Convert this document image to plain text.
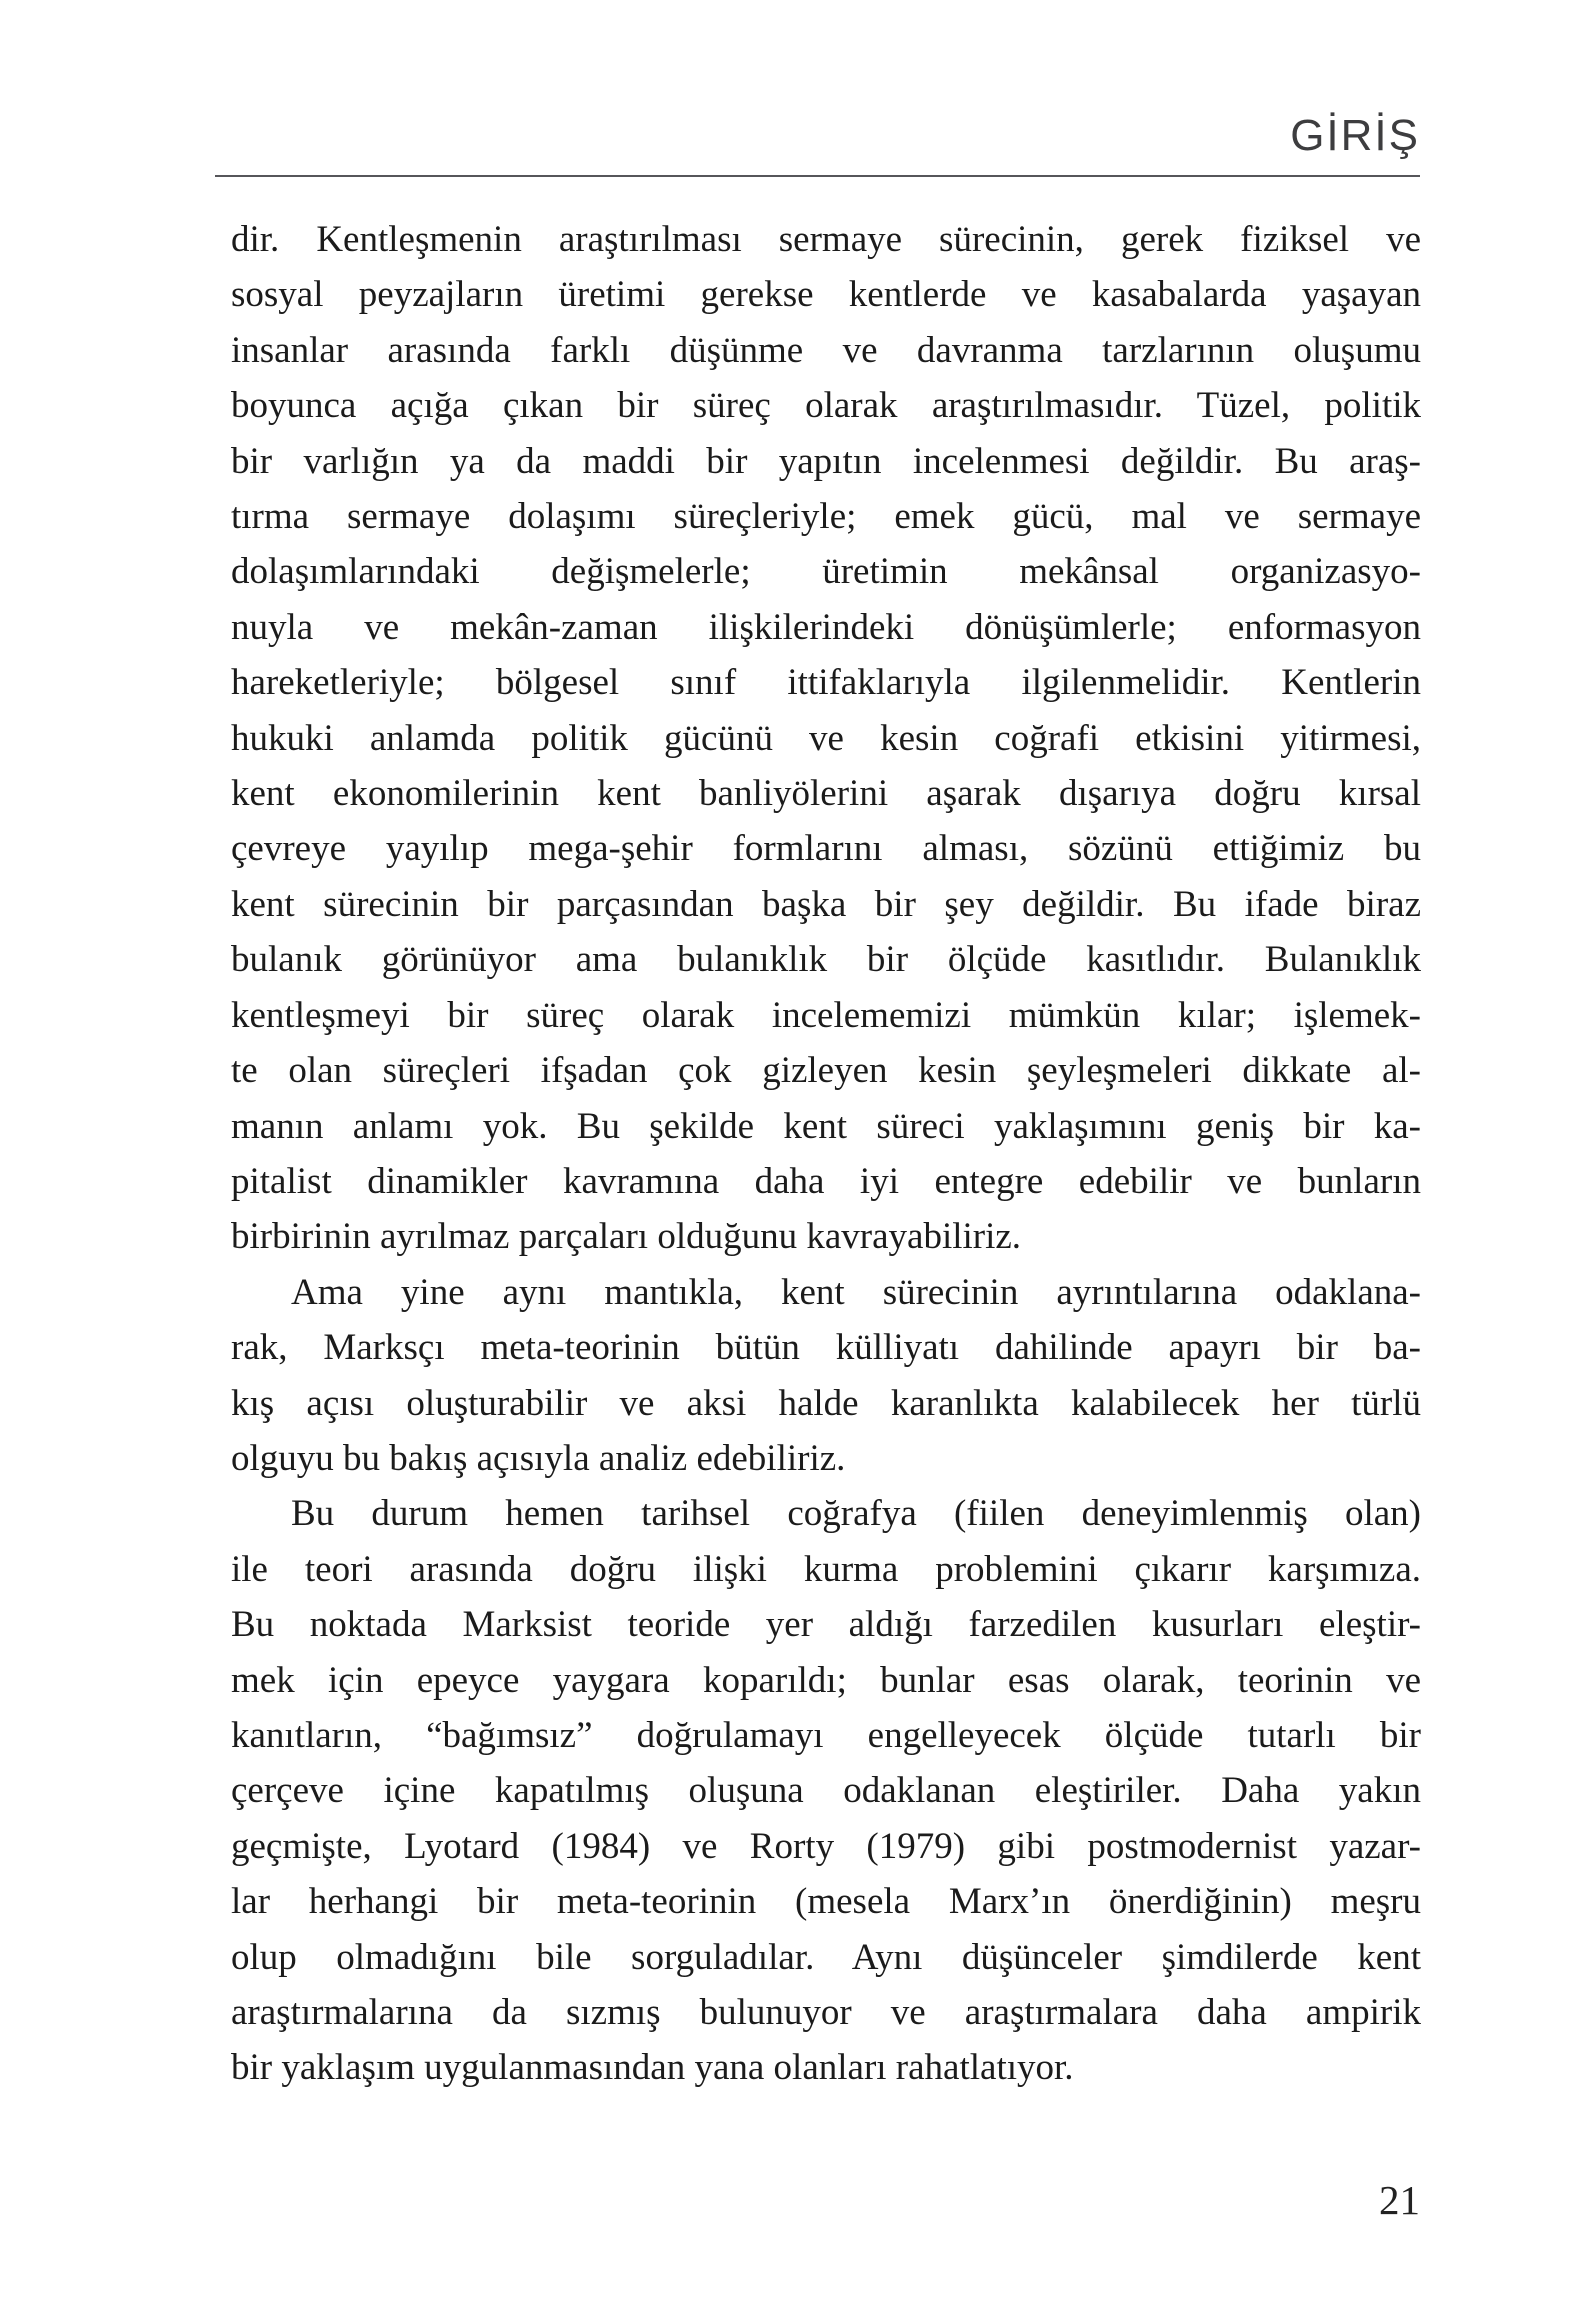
GİRİŞ
dir. Kentleşmenin araştırılması sermaye sürecinin, gerek fiziksel ve
sosyal peyzajların üretimi gerekse kentlerde ve kasabalarda yaşayan
insanlar arasında farklı düşünme ve davranma tarzlarının oluşumu
boyunca açığa çıkan bir süreç olarak araştırılmasıdır. Tüzel, politik
bir varlığın ya da maddi bir yapıtın incelenmesi değildir. Bu araş-
tırma sermaye dolaşımı süreçleriyle; emek gücü, mal ve sermaye
dolaşımlarındaki değişmelerle; üretimin mekânsal organizasyo-
nuyla ve mekân-zaman ilişkilerindeki dönüşümlerle; enformasyon
hareketleriyle; bölgesel sınıf ittifaklarıyla ilgilenmelidir. Kentlerin
hukuki anlamda politik gücünü ve kesin coğrafi etkisini yitirmesi,
kent ekonomilerinin kent banliyölerini aşarak dışarıya doğru kırsal
çevreye yayılıp mega-şehir formlarını alması, sözünü ettiğimiz bu
kent sürecinin bir parçasından başka bir şey değildir. Bu ifade biraz
bulanık görünüyor ama bulanıklık bir ölçüde kasıtlıdır. Bulanıklık
kentleşmeyi bir süreç olarak incelememizi mümkün kılar; işlemek-
te olan süreçleri ifşadan çok gizleyen kesin şeyleşmeleri dikkate al-
manın anlamı yok. Bu şekilde kent süreci yaklaşımını geniş bir ka-
pitalist dinamikler kavramına daha iyi entegre edebilir ve bunların
birbirinin ayrılmaz parçaları olduğunu kavrayabiliriz.
Ama yine aynı mantıkla, kent sürecinin ayrıntılarına odaklana-
rak, Marksçı meta-teorinin bütün külliyatı dahilinde apayrı bir ba-
kış açısı oluşturabilir ve aksi halde karanlıkta kalabilecek her türlü
olguyu bu bakış açısıyla analiz edebiliriz.
Bu durum hemen tarihsel coğrafya (fiilen deneyimlenmiş olan)
ile teori arasında doğru ilişki kurma problemini çıkarır karşımıza.
Bu noktada Marksist teoride yer aldığı farzedilen kusurları eleştir-
mek için epeyce yaygara koparıldı; bunlar esas olarak, teorinin ve
kanıtların, “bağımsız” doğrulamayı engelleyecek ölçüde tutarlı bir
çerçeve içine kapatılmış oluşuna odaklanan eleştiriler. Daha yakın
geçmişte, Lyotard (1984) ve Rorty (1979) gibi postmodernist yazar-
lar herhangi bir meta-teorinin (mesela Marx’ın önerdiğinin) meşru
olup olmadığını bile sorguladılar. Aynı düşünceler şimdilerde kent
araştırmalarına da sızmış bulunuyor ve araştırmalara daha ampirik
bir yaklaşım uygulanmasından yana olanları rahatlatıyor.
21
